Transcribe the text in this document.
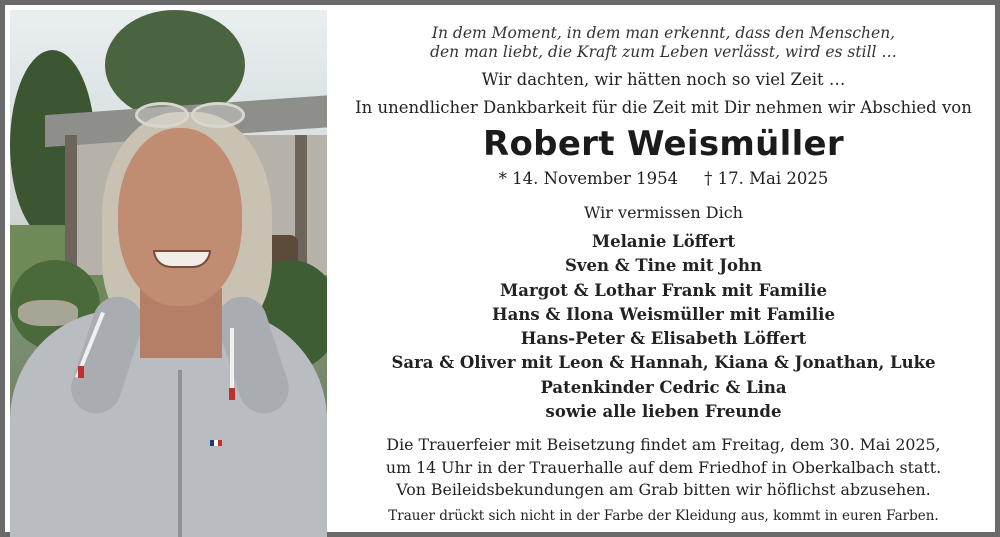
In dem Moment, in dem man erkennt, dass den Menschen,
den man liebt, die Kraft zum Leben verlässt, wird es still …
Wir dachten, wir hätten noch so viel Zeit …
In unendlicher Dankbarkeit für die Zeit mit Dir nehmen wir Abschied von
Robert Weismüller
* 14. November 1954 † 17. Mai 2025
Wir vermissen Dich
Melanie Löffert
Sven & Tine mit John
Margot & Lothar Frank mit Familie
Hans & Ilona Weismüller mit Familie
Hans-Peter & Elisabeth Löffert
Sara & Oliver mit Leon & Hannah, Kiana & Jonathan, Luke
Patenkinder Cedric & Lina
sowie alle lieben Freunde
Die Trauerfeier mit Beisetzung findet am Freitag, dem 30. Mai 2025,
um 14 Uhr in der Trauerhalle auf dem Friedhof in Oberkalbach statt.
Von Beileidsbekundungen am Grab bitten wir höflichst abzusehen.
Trauer drückt sich nicht in der Farbe der Kleidung aus, kommt in euren Farben.
